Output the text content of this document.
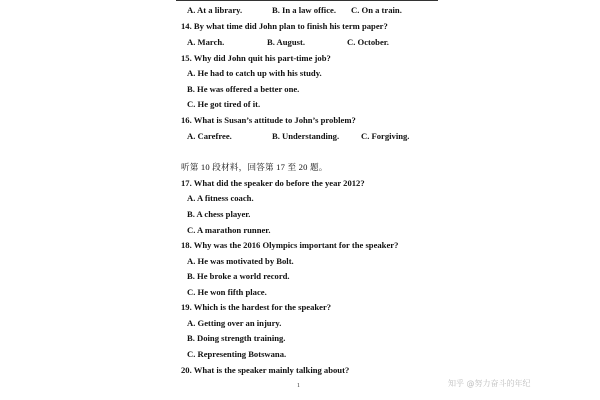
A. At a library.	B. In a law office. C. On a train.
14. By what time did John plan to finish his term paper?
A. March.	B. August.	C. October.
15. Why did John quit his part-time job?
A. He had to catch up with his study.
B. He was offered a better one.
C. He got tired of it.
16. What is Susan’s attitude to John’s problem?
A. Carefree.	B. Understanding.	C. Forgiving.
听第 10 段材料，回答第 17 至 20 题。
17. What did the speaker do before the year 2012?
A. A fitness coach.
B. A chess player.
C. A marathon runner.
18. Why was the 2016 Olympics important for the speaker?
A. He was motivated by Bolt.
B. He broke a world record.
C. He won fifth place.
19. Which is the hardest for the speaker?
A. Getting over an injury.
B. Doing strength training.
C. Representing Botswana.
20. What is the speaker mainly talking about?
1	知乎 @努力奋斗的年纪
